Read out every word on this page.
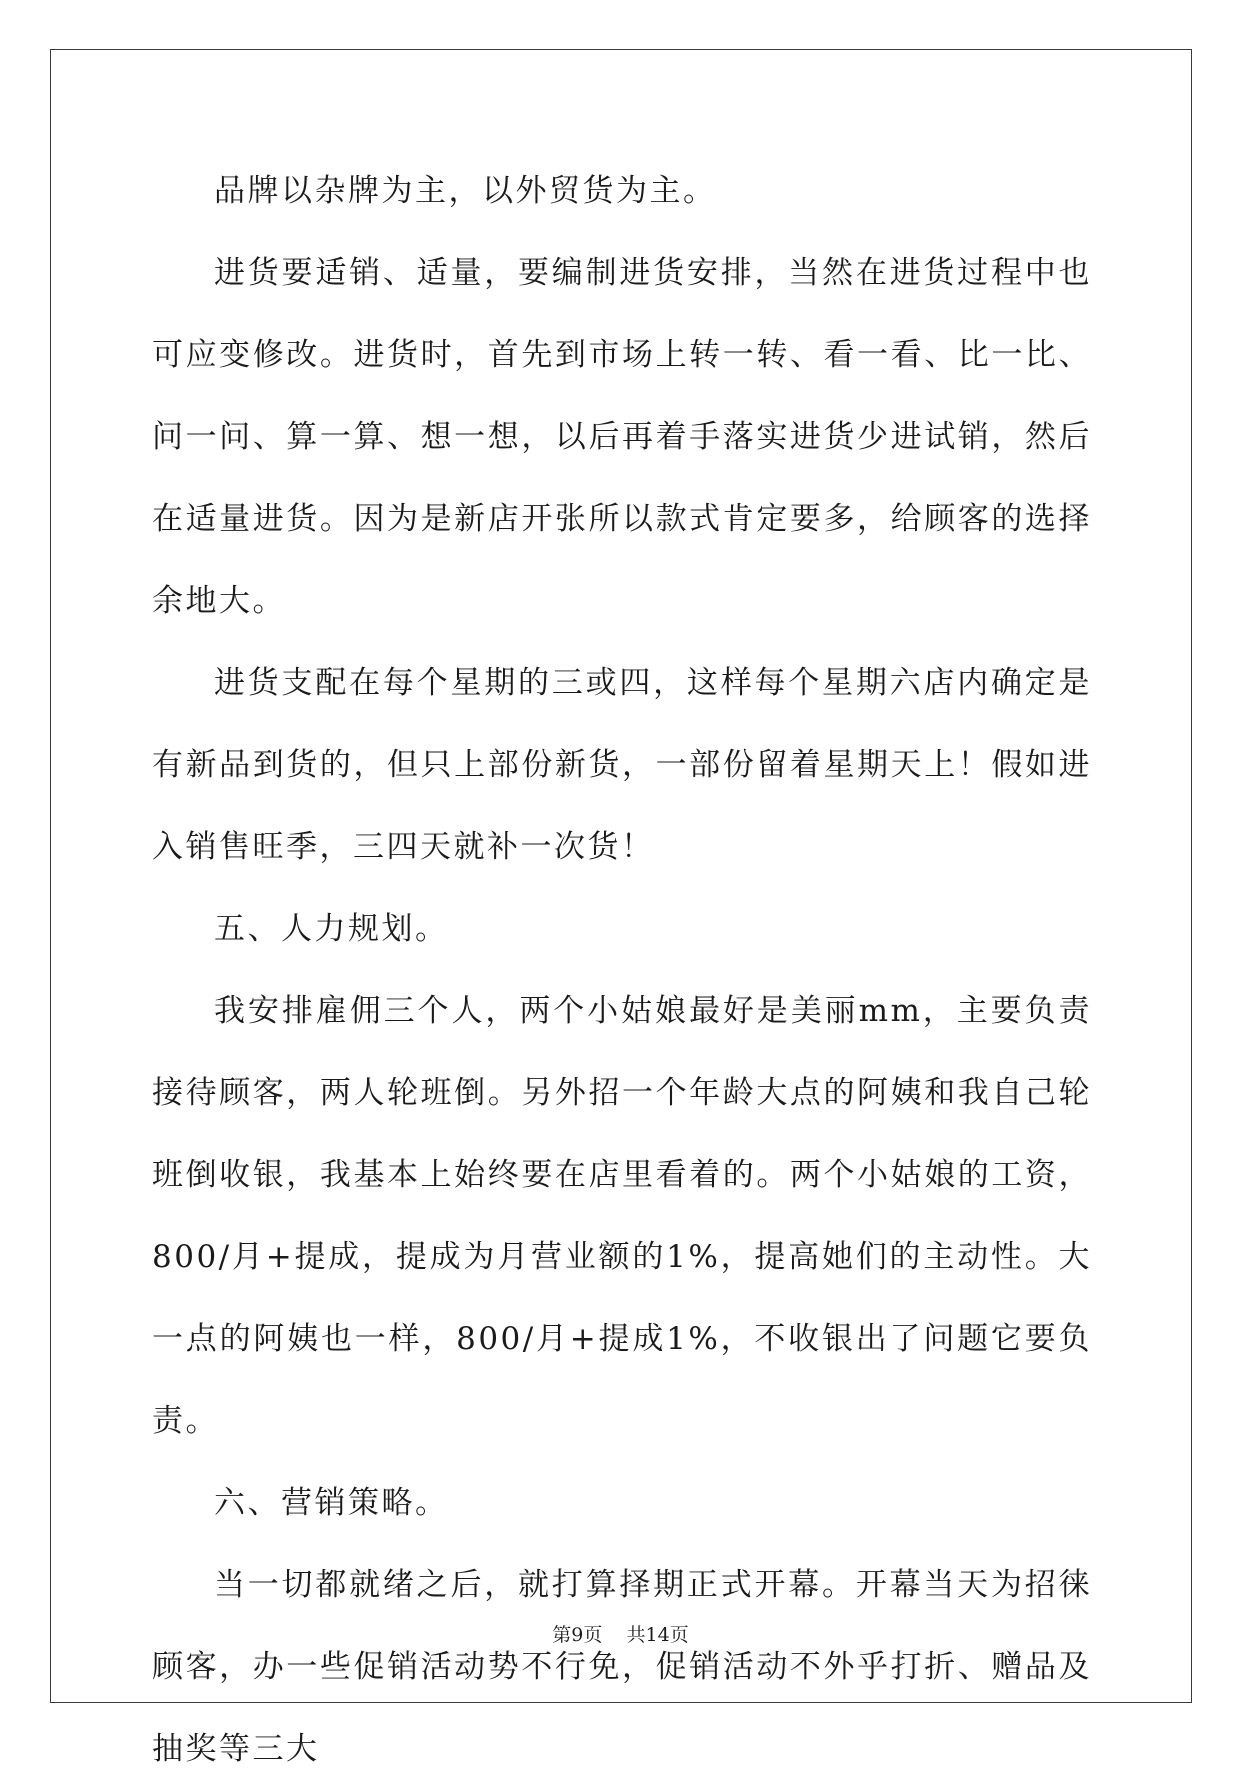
品牌以杂牌为主，以外贸货为主。

进货要适销、适量，要编制进货安排，当然在进货过程中也可应变修改。进货时，首先到市场上转一转、看一看、比一比、问一问、算一算、想一想，以后再着手落实进货少进试销，然后在适量进货。因为是新店开张所以款式肯定要多，给顾客的选择余地大。

进货支配在每个星期的三或四，这样每个星期六店内确定是有新品到货的，但只上部份新货，一部份留着星期天上！假如进入销售旺季，三四天就补一次货！

五、人力规划。

我安排雇佣三个人，两个小姑娘最好是美丽mm，主要负责接待顾客，两人轮班倒。另外招一个年龄大点的阿姨和我自己轮班倒收银，我基本上始终要在店里看着的。两个小姑娘的工资，800/月+提成，提成为月营业额的1%，提高她们的主动性。大一点的阿姨也一样，800/月+提成1%，不收银出了问题它要负责。

六、营销策略。

当一切都就绪之后，就打算择期正式开幕。开幕当天为招徕顾客，办一些促销活动势不行免，促销活动不外乎打折、赠品及抽奖等三大

第9页 共14页
